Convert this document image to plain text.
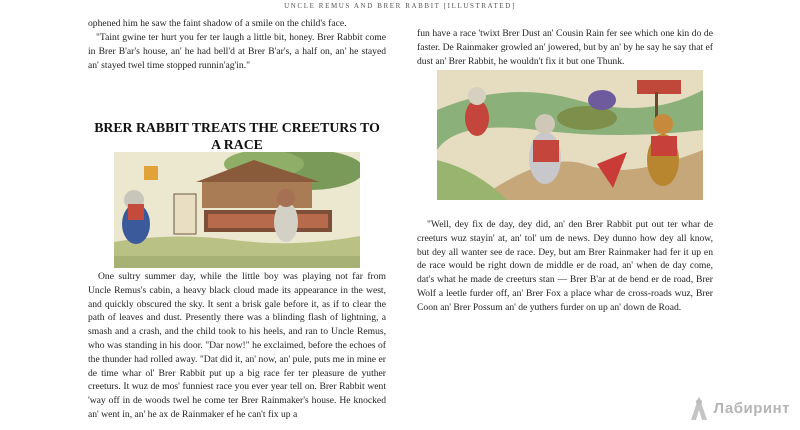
UNCLE REMUS AND BRER RABBIT [ILLUSTRATED]

ophened him he saw the faint shadow of a smile on the child's face.

"Taint gwine ter hurt you fer ter laugh a little bit, honey. Brer Rabbit come in Brer B'ar's house, an' he had bell'd at Brer B'ar's, a half on, an' he stayed an' stayed twel time stopped runnin'ag'in."

BRER RABBIT TREATS THE CREETURS TO A RACE

One sultry summer day, while the little boy was playing not far from Uncle Remus's cabin, a heavy black cloud made its appearance in the west, and quickly obscured the sky. It sent a brisk gale before it, as if to clear the path of leaves and dust. Presently there was a blinding flash of lightning, a smash and a crash, and the child took to his heels, and ran to Uncle Remus, who was standing in his door. "Dar now!" he exclaimed, before the echoes of the thunder had rolled away. "Dat did it, an' now, an' pule, puts me in mine er de time whar ol' Brer Rabbit put up a big race fer ter pleasure de yuther creeturs. It wuz de mos' funniest race you ever year tell on. Brer Rabbit went 'way off in de woods twel he come ter Brer Rainmaker's house. He knocked an' went in, an' he ax de Rainmaker ef he can't fix up a

fun have a race 'twixt Brer Dust an' Cousin Rain fer see which one kin do de faster. De Rainmaker growled an' jowered, but by an' by he say he say that ef dust an' Brer Rabbit, he wouldn't fix it but one Thunk.

"Well, dey fix de day, dey did, an' den Brer Rabbit put out ter whar de creeturs wuz stayin' at, an' tol' um de news. Dey dunno how dey all know, but dey all wanter see de race. Dey, but am Brer Rainmaker had fer it up en de race would be right down de middle er de road, an' when de day come, dat's what he made de creeturs stan — Brer B'ar at de bend er de road, Brer Wolf a leetle furder off, an' Brer Fox a place whar de cross-roads wuz, Brer Coon an' Brer Possum an' de yuthers furder on up an' down de Road.

Лабиринт
